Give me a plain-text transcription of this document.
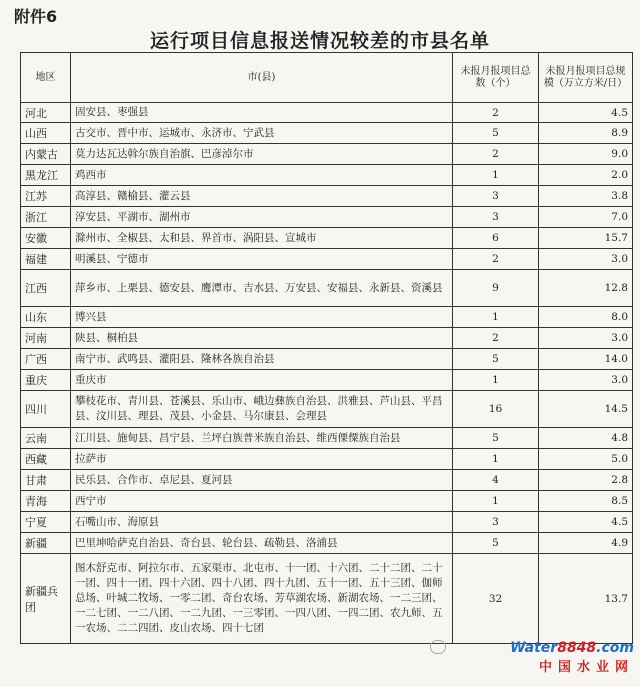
附件6
运行项目信息报送情况较差的市县名单
地区	市(县)	未报月报项目总数（个）	未报月报项目总规模（万立方米/日）
河北	固安县、枣强县	2	4.5
山西	古交市、晋中市、运城市、永济市、宁武县	5	8.9
内蒙古	莫力达瓦达斡尔族自治旗、巴彦淖尔市	2	9.0
黑龙江	鸡西市	1	2.0
江苏	高淳县、赣榆县、灌云县	3	3.8
浙江	淳安县、平湖市、湖州市	3	7.0
安徽	滁州市、全椒县、太和县、界首市、涡阳县、宣城市	6	15.7
福建	明溪县、宁德市	2	3.0
江西	萍乡市、上栗县、德安县、鹰潭市、吉水县、万安县、安福县、永新县、资溪县	9	12.8
山东	博兴县	1	8.0
河南	陕县、桐柏县	2	3.0
广西	南宁市、武鸣县、灌阳县、隆林各族自治县	5	14.0
重庆	重庆市	1	3.0
四川	攀枝花市、青川县、苍溪县、乐山市、峨边彝族自治县、洪雅县、芦山县、平昌县、汶川县、理县、茂县、小金县、马尔康县、会理县	16	14.5
云南	江川县、施甸县、昌宁县、兰坪白族普米族自治县、维西傈僳族自治县	5	4.8
西藏	拉萨市	1	5.0
甘肃	民乐县、合作市、卓尼县、夏河县	4	2.8
青海	西宁市	1	8.5
宁夏	石嘴山市、海原县	3	4.5
新疆	巴里坤哈萨克自治县、奇台县、轮台县、疏勒县、洛浦县	5	4.9
新疆兵团	图木舒克市、阿拉尔市、五家渠市、北屯市、十一团、十六团、二十二团、二十一团、四十一团、四十六团、四十八团、四十九团、五十一团、五十三团、伽师总场、叶城二牧场、一零二团、奇台农场、芳草湖农场、新湖农场、一二三团、一二七团、一二八团、一二九团、一三零团、一四八团、一四二团、农九师、五一农场、二二四团、皮山农场、四十七团	32	13.7
Water8848.com
中国水业网
